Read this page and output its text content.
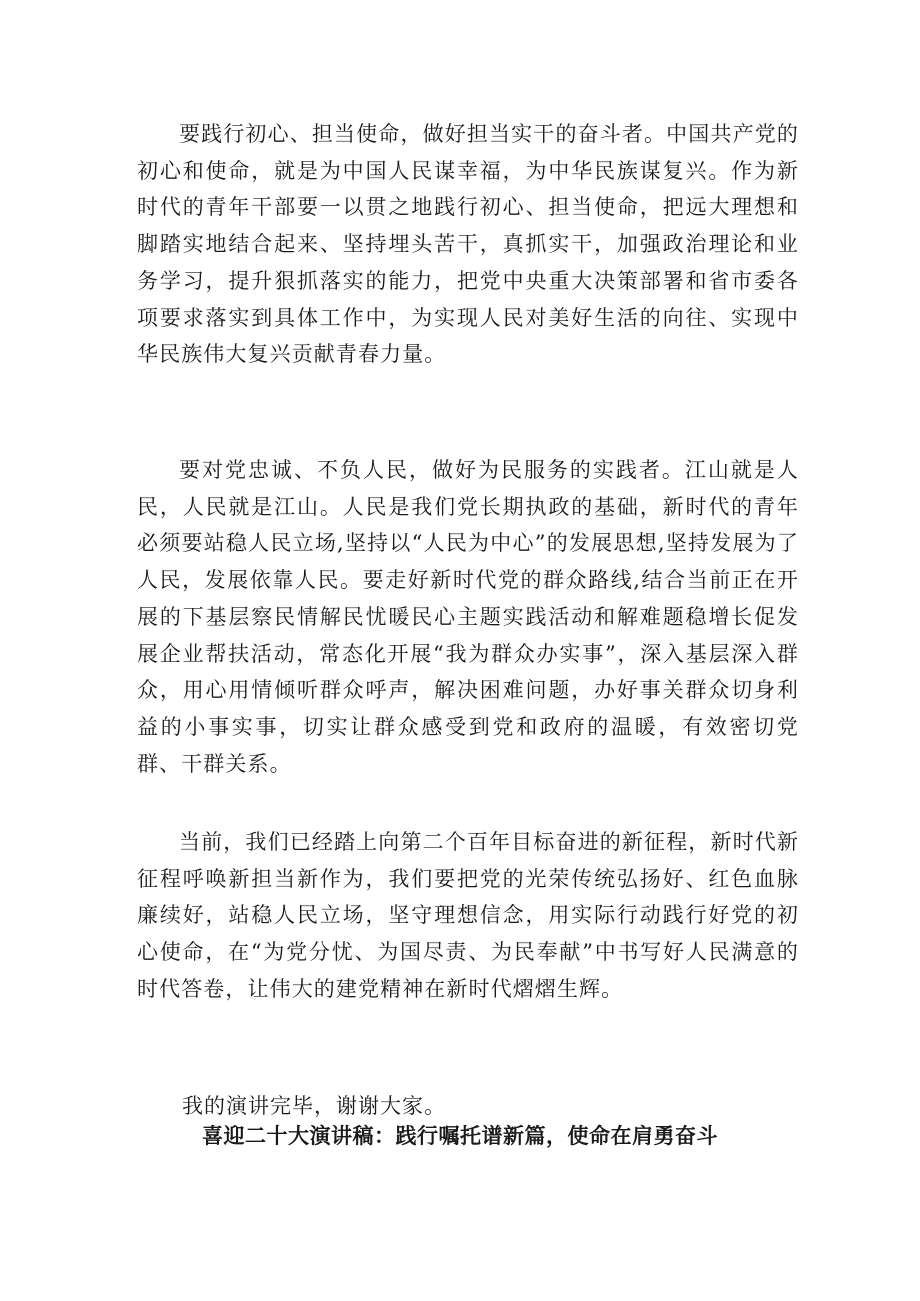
要践行初心、担当使命，做好担当实干的奋斗者。中国共产党的初心和使命，就是为中国人民谋幸福，为中华民族谋复兴。作为新时代的青年干部要一以贯之地践行初心、担当使命，把远大理想和脚踏实地结合起来、坚持埋头苦干，真抓实干，加强政治理论和业务学习，提升狠抓落实的能力，把党中央重大决策部署和省市委各项要求落实到具体工作中，为实现人民对美好生活的向往、实现中华民族伟大复兴贡献青春力量。

要对党忠诚、不负人民，做好为民服务的实践者。江山就是人民，人民就是江山。人民是我们党长期执政的基础，新时代的青年必须要站稳人民立场,坚持以“人民为中心”的发展思想,坚持发展为了人民，发展依靠人民。要走好新时代党的群众路线,结合当前正在开展的下基层察民情解民忧暖民心主题实践活动和解难题稳增长促发展企业帮扶活动，常态化开展“我为群众办实事”，深入基层深入群众，用心用情倾听群众呼声，解决困难问题，办好事关群众切身利益的小事实事，切实让群众感受到党和政府的温暖，有效密切党群、干群关系。

当前，我们已经踏上向第二个百年目标奋进的新征程，新时代新征程呼唤新担当新作为，我们要把党的光荣传统弘扬好、红色血脉廉续好，站稳人民立场，坚守理想信念，用实际行动践行好党的初心使命，在“为党分忧、为国尽责、为民奉献”中书写好人民满意的时代答卷，让伟大的建党精神在新时代熠熠生辉。

我的演讲完毕，谢谢大家。

喜迎二十大演讲稿：践行嘱托谱新篇，使命在肩勇奋斗
